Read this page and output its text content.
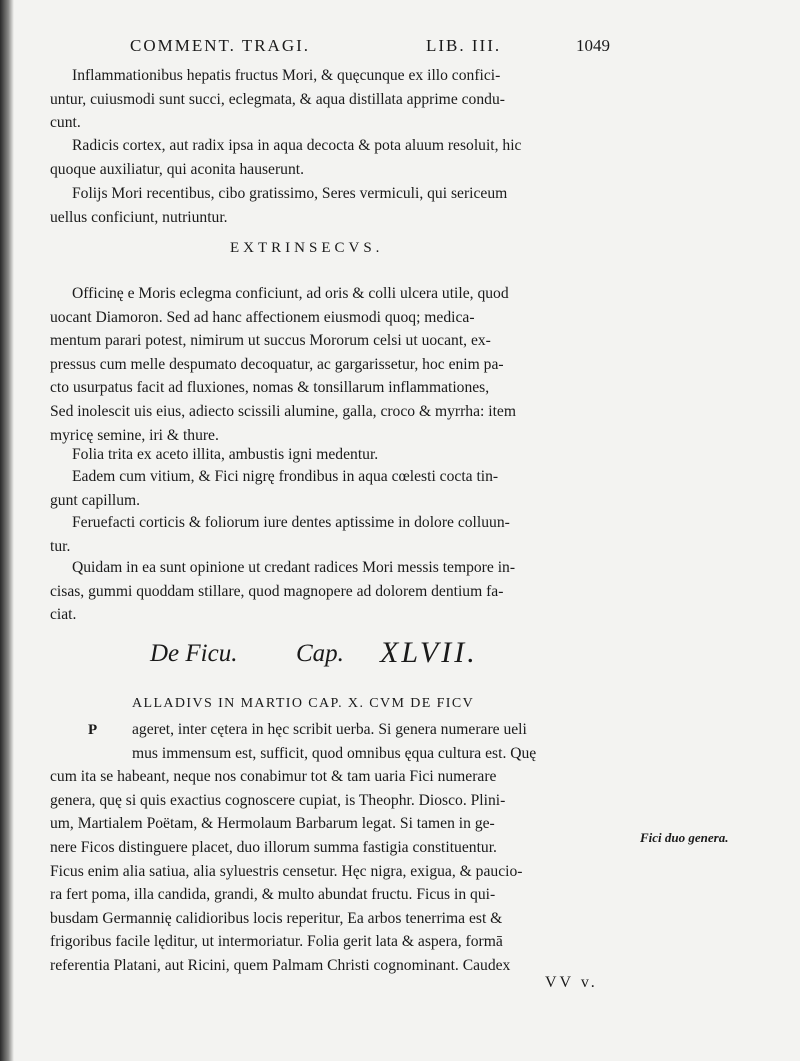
COMMENT. TRAGI.	LIB. III.	1049
Inflammationibus hepatis fructus Mori, & quęcunque ex illo confici-
untur, cuiusmodi sunt succi, eclegmata, & aqua distillata apprime condu-
cunt.
Radicis cortex, aut radix ipsa in aqua decocta & pota aluum resoluit, hic
quoque auxiliatur, qui aconita hauserunt.
Folijs Mori recentibus, cibo gratissimo, Seres vermiculi, qui sericeum
uellus conficiunt, nutriuntur.
EXTRINSECVS.
Officinę e Moris eclegma conficiunt, ad oris & colli ulcera utile, quod
uocant Diamoron. Sed ad hanc affectionem eiusmodi quoq; medica-
mentum parari potest, nimirum ut succus Mororum celsi ut uocant, ex-
pressus cum melle despumato decoquatur, ac gargarissetur, hoc enim pa-
cto usurpatus facit ad fluxiones, nomas & tonsillarum inflammationes,
Sed inolescit uis eius, adiecto scissili alumine, galla, croco & myrrha: item
myricę semine, iri & thure.
Folia trita ex aceto illita, ambustis igni medentur.
Eadem cum vitium, & Fici nigrę frondibus in aqua cœlesti cocta tin-
gunt capillum.
Feruefacti corticis & foliorum iure dentes aptissime in dolore colluun-
tur.
Quidam in ea sunt opinione ut credant radices Mori messis tempore in-
cisas, gummi quoddam stillare, quod magnopere ad dolorem dentium fa-
ciat.
De Ficu. Cap. XLVII.
ALLADIVS IN MARTIO CAP. X. CVM DE FICV
P	ageret, inter cętera in hęc scribit uerba. Si genera numerare ueli
mus immensum est, sufficit, quod omnibus ęqua cultura est. Quę
cum ita se habeant, neque nos conabimur tot & tam uaria Fici numerare
genera, quę si quis exactius cognoscere cupiat, is Theophr. Diosco. Plini-
um, Martialem Poëtam, & Hermolaum Barbarum legat. Si tamen in ge-
nere Ficos distinguere placet, duo illorum summa fastigia constituentur.
Ficus enim alia satiua, alia syluestris censetur. Hęc nigra, exigua, & paucio-
ra fert poma, illa candida, grandi, & multo abundat fructu. Ficus in qui-
busdam Germannię calidioribus locis reperitur, Ea arbos tenerrima est &
frigoribus facile lęditur, ut intermoriatur. Folia gerit lata & aspera, formā
referentia Platani, aut Ricini, quem Palmam Christi cognominant. Caudex
Fici duo genera.
VV v.
